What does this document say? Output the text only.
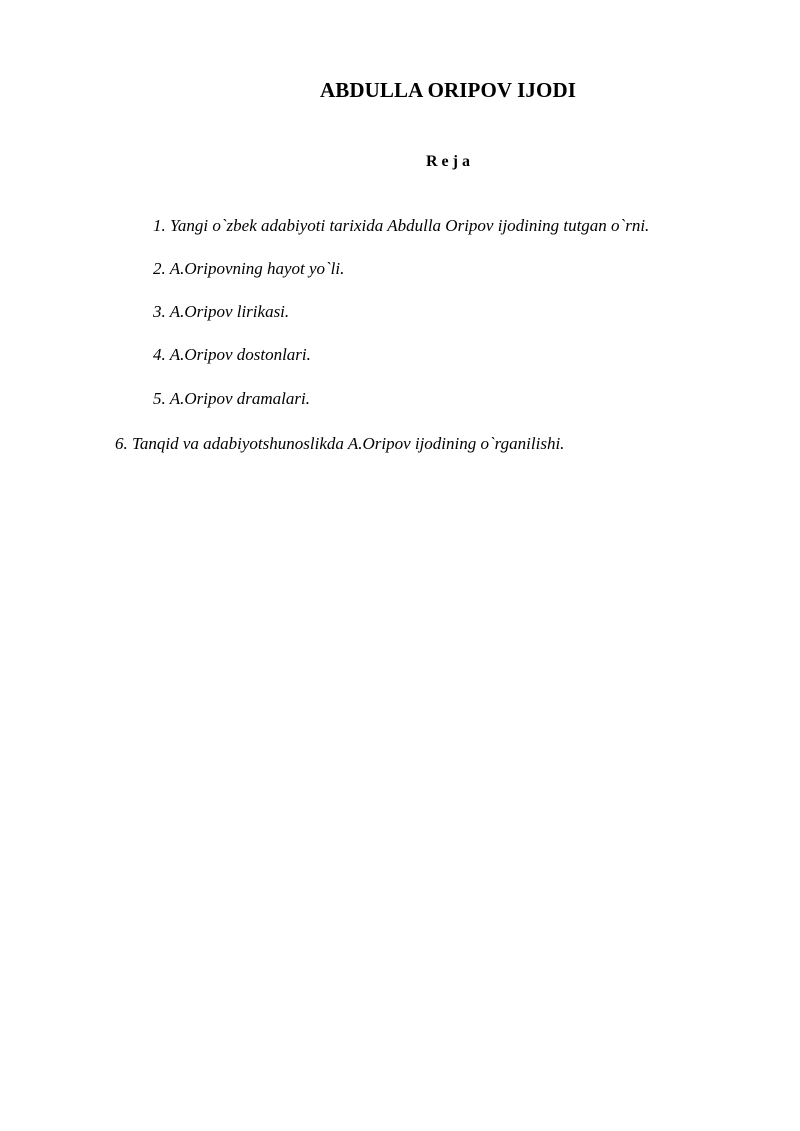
ABDULLA ORIPOV IJODI
R e j a

1. Yangi o`zbek adabiyoti tarixida Abdulla Oripov ijodining tutgan o`rni.

2. A.Oripovning hayot yo`li.

3. A.Oripov lirikasi.

4. A.Oripov dostonlari.

5. A.Oripov dramalari.

6. Tanqid va adabiyotshunoslikda A.Oripov ijodining o`rganilishi.
